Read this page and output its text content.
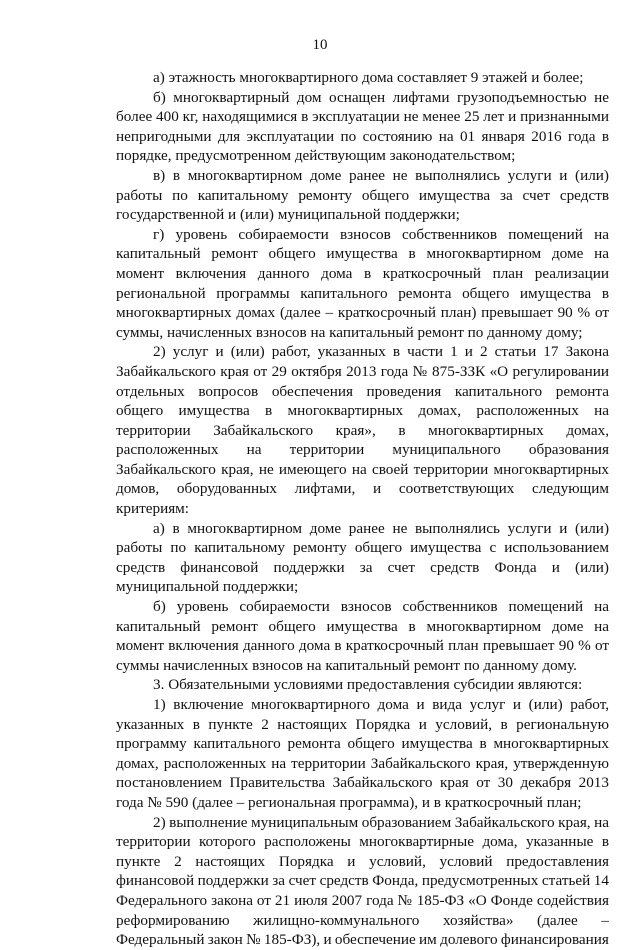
10

а) этажность многоквартирного дома составляет 9 этажей и более;

б) многоквартирный дом оснащен лифтами грузоподъемностью не более 400 кг, находящимися в эксплуатации не менее 25 лет и признанными непригодными для эксплуатации по состоянию на 01 января 2016 года в порядке, предусмотренном действующим законодательством;

в) в многоквартирном доме ранее не выполнялись услуги и (или) работы по капитальному ремонту общего имущества за счет средств государственной и (или) муниципальной поддержки;

г) уровень собираемости взносов собственников помещений на капитальный ремонт общего имущества в многоквартирном доме на момент включения данного дома в краткосрочный план реализации региональной программы капитального ремонта общего имущества в многоквартирных домах (далее – краткосрочный план) превышает 90 % от суммы, начисленных взносов на капитальный ремонт по данному дому;

2) услуг и (или) работ, указанных в части 1 и 2 статьи 17 Закона Забайкальского края от 29 октября 2013 года № 875-ЗЗК «О регулировании отдельных вопросов обеспечения проведения капитального ремонта общего имущества в многоквартирных домах, расположенных на территории Забайкальского края», в многоквартирных домах, расположенных на территории муниципального образования Забайкальского края, не имеющего на своей территории многоквартирных домов, оборудованных лифтами, и соответствующих следующим критериям:

а) в многоквартирном доме ранее не выполнялись услуги и (или) работы по капитальному ремонту общего имущества с использованием средств финансовой поддержки за счет средств Фонда и (или) муниципальной поддержки;

б) уровень собираемости взносов собственников помещений на капитальный ремонт общего имущества в многоквартирном доме на момент включения данного дома в краткосрочный план превышает 90 % от суммы начисленных взносов на капитальный ремонт по данному дому.

3. Обязательными условиями предоставления субсидии являются:

1) включение многоквартирного дома и вида услуг и (или) работ, указанных в пункте 2 настоящих Порядка и условий, в региональную программу капитального ремонта общего имущества в многоквартирных домах, расположенных на территории Забайкальского края, утвержденную постановлением Правительства Забайкальского края от 30 декабря 2013 года № 590 (далее – региональная программа), и в краткосрочный план;

2) выполнение муниципальным образованием Забайкальского края, на территории которого расположены многоквартирные дома, указанные в пункте 2 настоящих Порядка и условий, условий предоставления финансовой поддержки за счет средств Фонда, предусмотренных статьей 14 Федерального закона от 21 июля 2007 года № 185-ФЗ «О Фонде содействия реформированию жилищно-коммунального хозяйства» (далее – Федеральный закон № 185-ФЗ), и обеспечение им долевого финансирования
